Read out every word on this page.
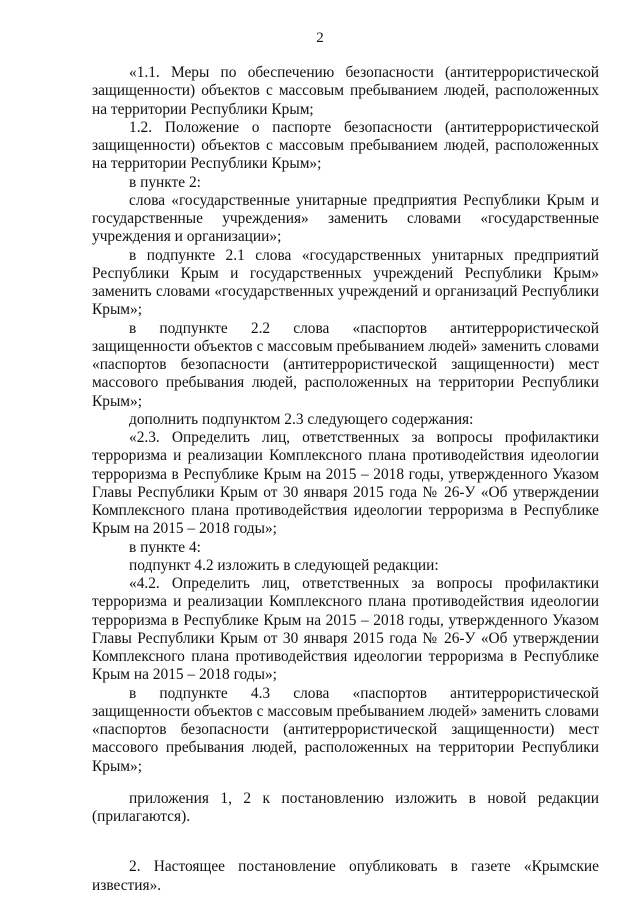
2

«1.1. Меры по обеспечению безопасности (антитеррористической защищенности) объектов с массовым пребыванием людей, расположенных на территории Республики Крым;

1.2. Положение о паспорте безопасности (антитеррористической защищенности) объектов с массовым пребыванием людей, расположенных на территории Республики Крым»;

в пункте 2:

слова «государственные унитарные предприятия Республики Крым и государственные учреждения» заменить словами «государственные учреждения и организации»;

в подпункте 2.1 слова «государственных унитарных предприятий Республики Крым и государственных учреждений Республики Крым» заменить словами «государственных учреждений и организаций Республики Крым»;

в подпункте 2.2 слова «паспортов антитеррористической защищенности объектов с массовым пребыванием людей» заменить словами «паспортов безопасности (антитеррористической защищенности) мест массового пребывания людей, расположенных на территории Республики Крым»;

дополнить подпунктом 2.3 следующего содержания:

«2.3. Определить лиц, ответственных за вопросы профилактики терроризма и реализации Комплексного плана противодействия идеологии терроризма в Республике Крым на 2015 – 2018 годы, утвержденного Указом Главы Республики Крым от 30 января 2015 года № 26-У «Об утверждении Комплексного плана противодействия идеологии терроризма в Республике Крым на 2015 – 2018 годы»;

в пункте 4:

подпункт 4.2 изложить в следующей редакции:

«4.2. Определить лиц, ответственных за вопросы профилактики терроризма и реализации Комплексного плана противодействия идеологии терроризма в Республике Крым на 2015 – 2018 годы, утвержденного Указом Главы Республики Крым от 30 января 2015 года № 26-У «Об утверждении Комплексного плана противодействия идеологии терроризма в Республике Крым на 2015 – 2018 годы»;

в подпункте 4.3 слова «паспортов антитеррористической защищенности объектов с массовым пребыванием людей» заменить словами «паспортов безопасности (антитеррористической защищенности) мест массового пребывания людей, расположенных на территории Республики Крым»;

приложения 1, 2 к постановлению изложить в новой редакции (прилагаются).

2. Настоящее постановление опубликовать в газете «Крымские известия».
